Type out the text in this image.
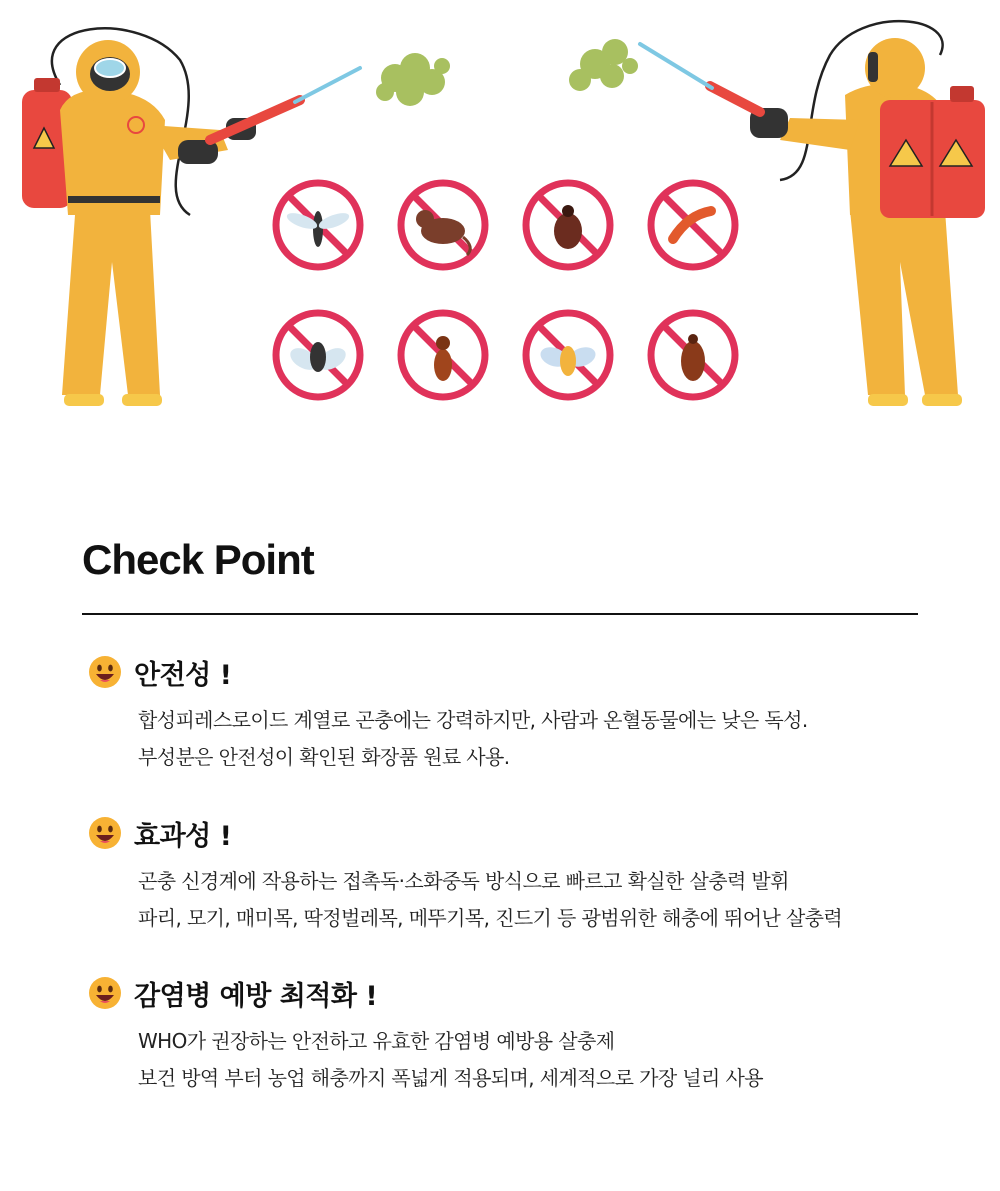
Check Point
안전성 !
합성피레스로이드 계열로 곤충에는 강력하지만, 사람과 온혈동물에는 낮은 독성.
부성분은 안전성이 확인된 화장품 원료 사용.
효과성 !
곤충 신경계에 작용하는 접촉독·소화중독 방식으로 빠르고 확실한 살충력 발휘
파리, 모기, 매미목, 딱정벌레목, 메뚜기목, 진드기 등 광범위한 해충에 뛰어난 살충력
감염병 예방 최적화 !
WHO가 권장하는 안전하고 유효한 감염병 예방용 살충제
보건 방역 부터 농업 해충까지 폭넓게 적용되며, 세계적으로 가장 널리 사용
